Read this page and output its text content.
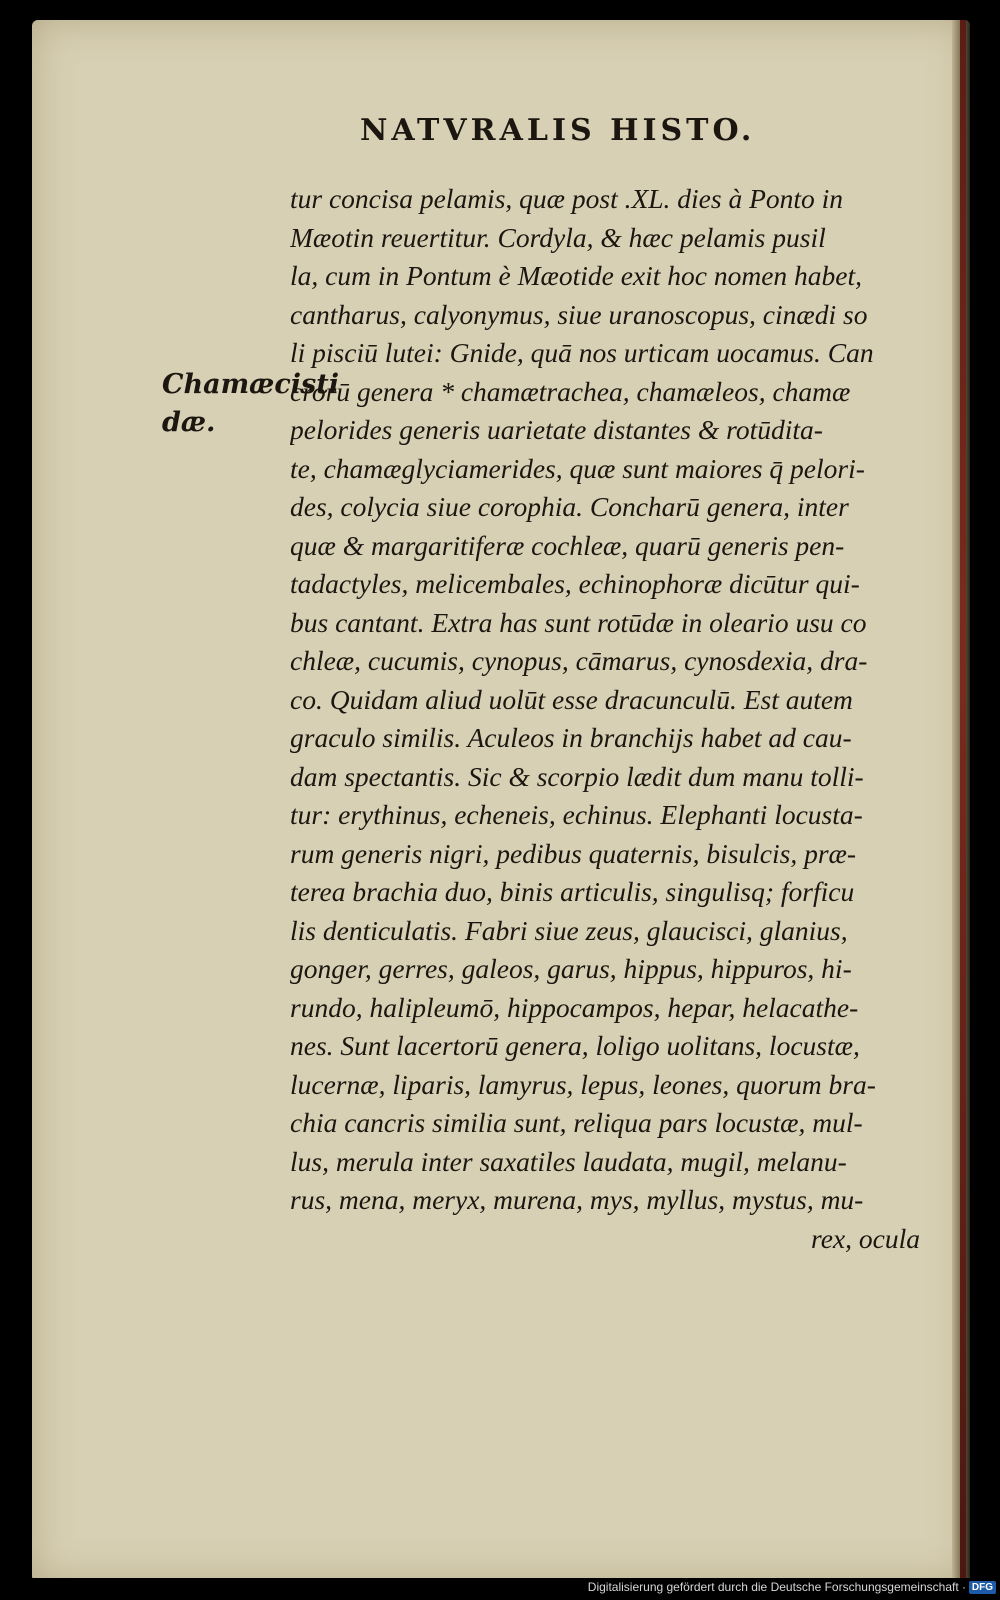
NATVRALIS HISTO.
Chamæcisti
dæ.
tur concisa pelamis, quæ post .XL. dies à Ponto in
Mæotin reuertitur. Cordyla, & hæc pelamis pusil
la, cum in Pontum è Mæotide exit hoc nomen habet,
cantharus, calyonymus, siue uranoscopus, cinædi so
li pisciū lutei: Gnide, quā nos urticam uocamus. Can
crorū genera * chamætrachea, chamæleos, chamæ
pelorides generis uarietate distantes & rotūdita-
te, chamæglyciamerides, quæ sunt maiores q̄ pelori-
des, colycia siue corophia. Concharū genera, inter
quæ & margaritiferæ cochleæ, quarū generis pen-
tadactyles, melicembales, echinophoræ dicūtur qui-
bus cantant. Extra has sunt rotūdæ in oleario usu co
chleæ, cucumis, cynopus, cāmarus, cynosdexia, dra-
co. Quidam aliud uolūt esse dracunculū. Est autem
graculo similis. Aculeos in branchijs habet ad cau-
dam spectantis. Sic & scorpio lædit dum manu tolli-
tur: erythinus, echeneis, echinus. Elephanti locusta-
rum generis nigri, pedibus quaternis, bisulcis, præ-
terea brachia duo, binis articulis, singulisq; forficu
lis denticulatis. Fabri siue zeus, glaucisci, glanius,
gonger, gerres, galeos, garus, hippus, hippuros, hi-
rundo, halipleumō, hippocampos, hepar, helacathe-
nes. Sunt lacertorū genera, loligo uolitans, locustæ,
lucernæ, liparis, lamyrus, lepus, leones, quorum bra-
chia cancris similia sunt, reliqua pars locustæ, mul-
lus, merula inter saxatiles laudata, mugil, melanu-
rus, mena, meryx, murena, mys, myllus, mystus, mu-
rex, ocula
Digitalisierung gefördert durch die Deutsche Forschungsgemeinschaft · DFG
